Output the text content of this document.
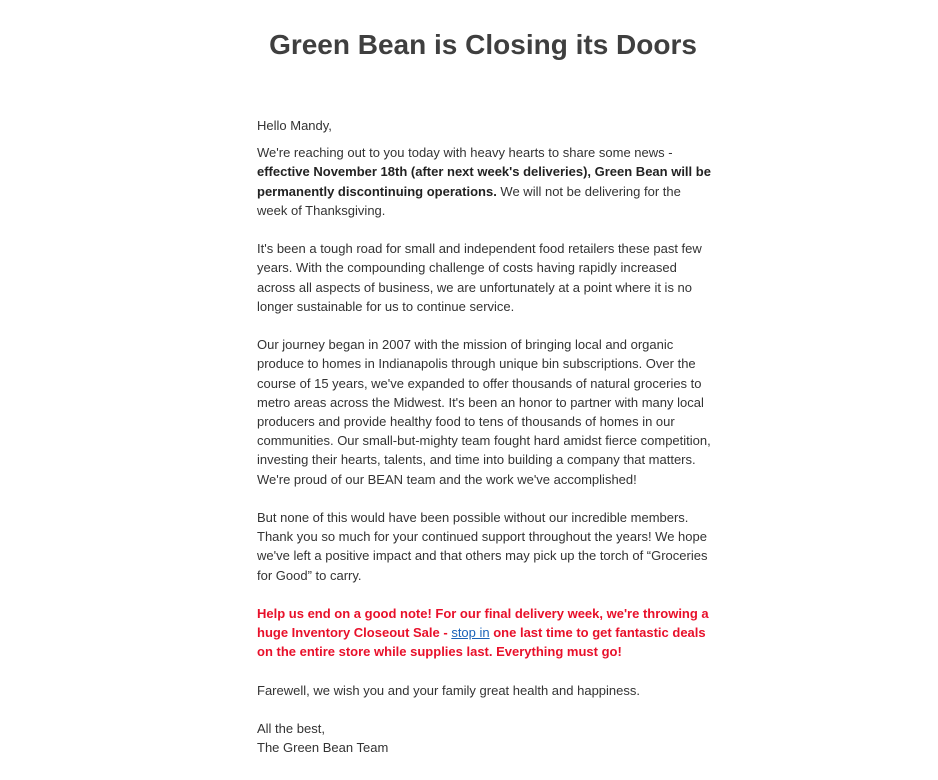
Green Bean is Closing its Doors

Hello Mandy,

We're reaching out to you today with heavy hearts to share some news - effective November 18th (after next week's deliveries), Green Bean will be permanently discontinuing operations. We will not be delivering for the week of Thanksgiving.

It's been a tough road for small and independent food retailers these past few years. With the compounding challenge of costs having rapidly increased across all aspects of business, we are unfortunately at a point where it is no longer sustainable for us to continue service.

Our journey began in 2007 with the mission of bringing local and organic produce to homes in Indianapolis through unique bin subscriptions. Over the course of 15 years, we've expanded to offer thousands of natural groceries to metro areas across the Midwest. It's been an honor to partner with many local producers and provide healthy food to tens of thousands of homes in our communities. Our small-but-mighty team fought hard amidst fierce competition, investing their hearts, talents, and time into building a company that matters. We're proud of our BEAN team and the work we've accomplished!

But none of this would have been possible without our incredible members. Thank you so much for your continued support throughout the years! We hope we've left a positive impact and that others may pick up the torch of “Groceries for Good” to carry.

Help us end on a good note! For our final delivery week, we're throwing a huge Inventory Closeout Sale - stop in one last time to get fantastic deals on the entire store while supplies last. Everything must go!

Farewell, we wish you and your family great health and happiness.

All the best,
The Green Bean Team
